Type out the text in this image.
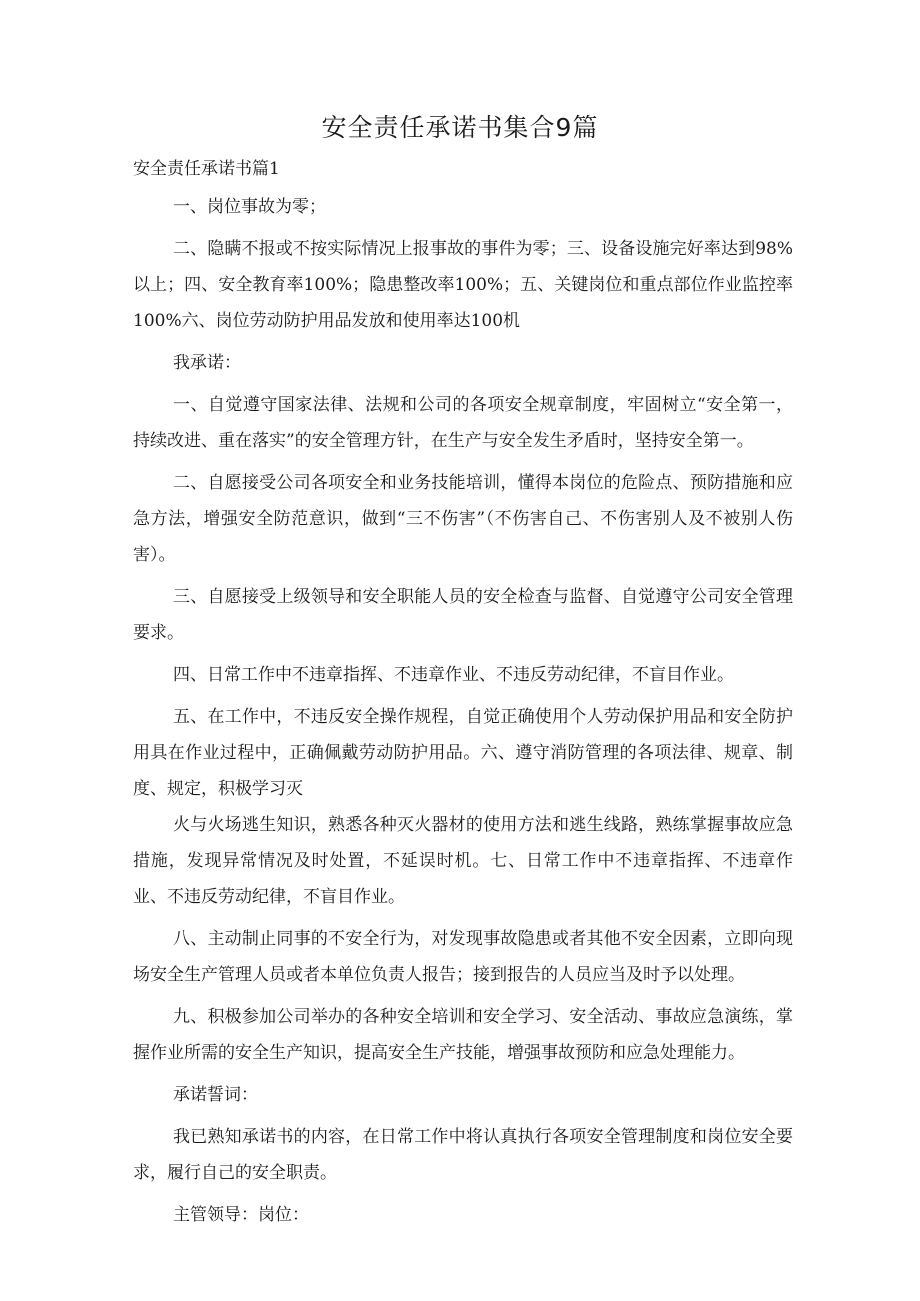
安全责任承诺书集合9篇

安全责任承诺书篇1

一、岗位事故为零；

二、隐瞒不报或不按实际情况上报事故的事件为零；三、设备设施完好率达到98%以上；四、安全教育率100%；隐患整改率100%；五、关键岗位和重点部位作业监控率100%六、岗位劳动防护用品发放和使用率达100机

我承诺：

一、自觉遵守国家法律、法规和公司的各项安全规章制度，牢固树立“安全第一，持续改进、重在落实”的安全管理方针，在生产与安全发生矛盾时，坚持安全第一。

二、自愿接受公司各项安全和业务技能培训，懂得本岗位的危险点、预防措施和应急方法，增强安全防范意识，做到“三不伤害”（不伤害自己、不伤害别人及不被别人伤害）。

三、自愿接受上级领导和安全职能人员的安全检查与监督、自觉遵守公司安全管理要求。

四、日常工作中不违章指挥、不违章作业、不违反劳动纪律，不盲目作业。

五、在工作中，不违反安全操作规程，自觉正确使用个人劳动保护用品和安全防护用具在作业过程中，正确佩戴劳动防护用品。六、遵守消防管理的各项法律、规章、制度、规定，积极学习灭

火与火场逃生知识，熟悉各种灭火器材的使用方法和逃生线路，熟练掌握事故应急措施，发现异常情况及时处置，不延误时机。七、日常工作中不违章指挥、不违章作业、不违反劳动纪律，不盲目作业。

八、主动制止同事的不安全行为，对发现事故隐患或者其他不安全因素，立即向现场安全生产管理人员或者本单位负责人报告；接到报告的人员应当及时予以处理。

九、积极参加公司举办的各种安全培训和安全学习、安全活动、事故应急演练，掌握作业所需的安全生产知识，提高安全生产技能，增强事故预防和应急处理能力。

承诺誓词：

我已熟知承诺书的内容，在日常工作中将认真执行各项安全管理制度和岗位安全要求，履行自己的安全职责。

主管领导：岗位：
